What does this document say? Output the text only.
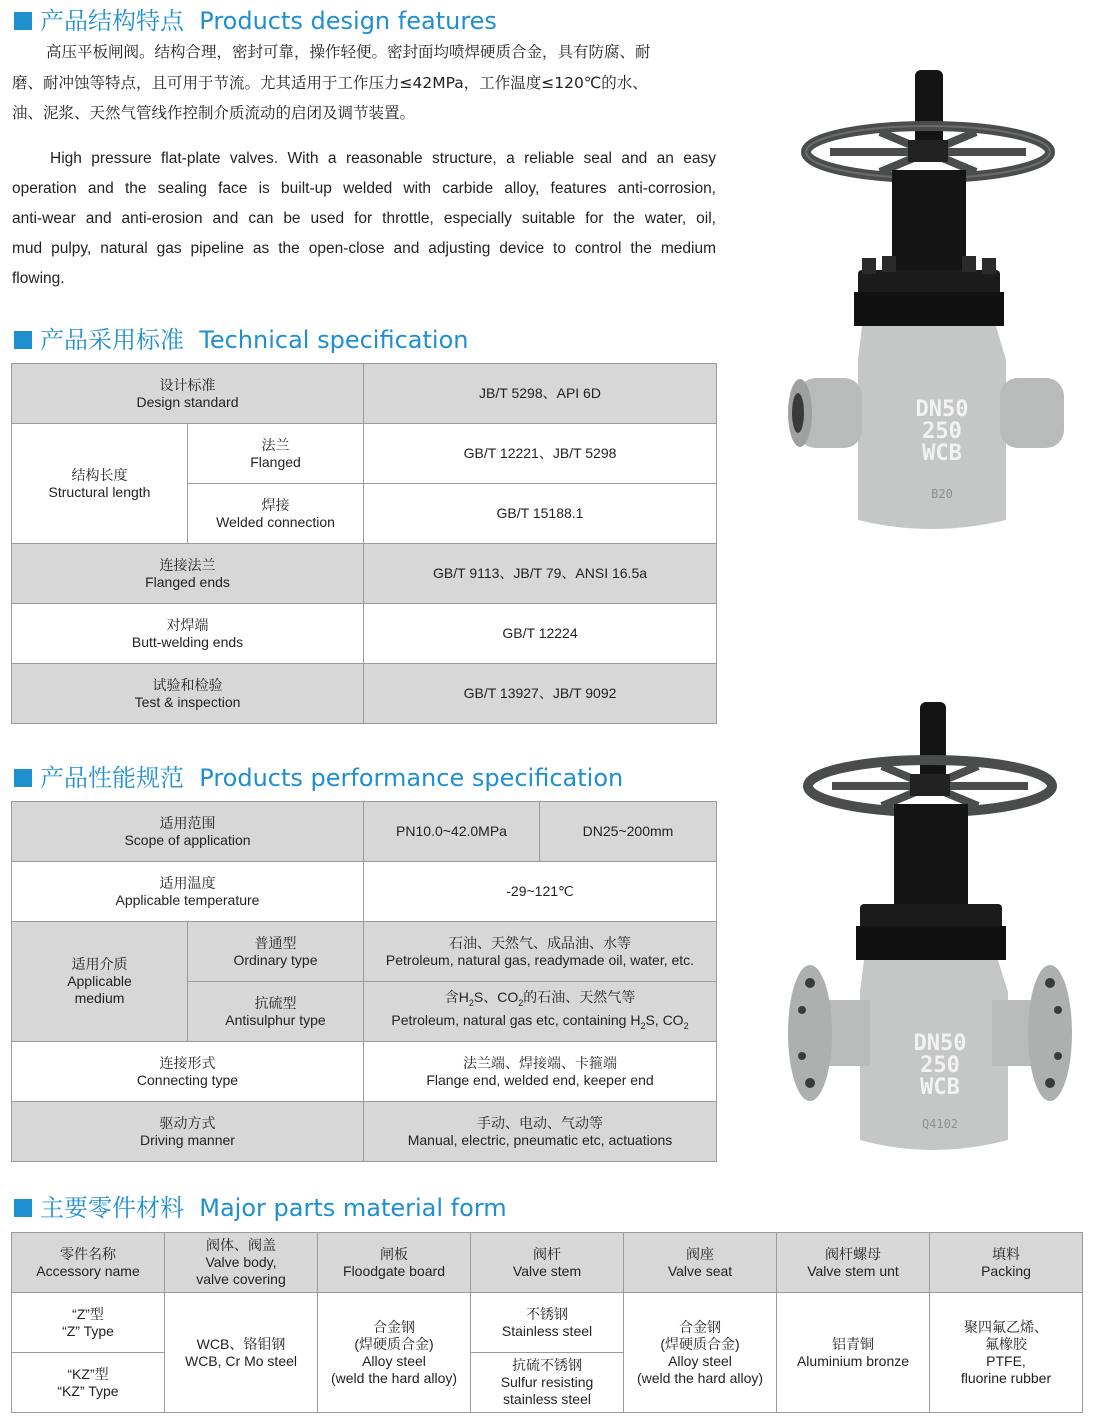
产品结构特点 Products design features
高压平板闸阀。结构合理，密封可靠，操作轻便。密封面均喷焊硬质合金，具有防腐、耐
磨、耐冲蚀等特点，且可用于节流。尤其适用于工作压力≤42MPa，工作温度≤120℃的水、
油、泥浆、天然气管线作控制介质流动的启闭及调节装置。
High pressure flat-plate valves. With a reasonable structure, a reliable seal and an easy
operation and the sealing face is built-up welded with carbide alloy, features anti-corrosion,
anti-wear and anti-erosion and can be used for throttle, especially suitable for the water, oil,
mud pulpy, natural gas pipeline as the open-close and adjusting device to control the medium
flowing.
产品采用标准 Technical specification
设计标准
Design standard		JB/T 5298、API 6D

结构长度
Structural length	法兰
Flanged	GB/T 12221、JB/T 5298

	焊接
Welded connection	GB/T 15188.1

连接法兰
Flanged ends		GB/T 9113、JB/T 79、ANSI 16.5a

对焊端
Butt-welding ends		GB/T 12224

试验和检验
Test & inspection		GB/T 13927、JB/T 9092
产品性能规范 Products performance specification
适用范围
Scope of application		PN10.0~42.0MPa	DN25~200mm

适用温度
Applicable temperature		-29~121℃	

适用介质
Applicable
medium	普通型
Ordinary type	石油、天然气、成品油、水等
Petroleum, natural gas, readymade oil, water, etc.	

	抗硫型
Antisulphur type	含$H_2S$、$CO_2$的石油、天然气等
Petroleum, natural gas etc, containing $H_2S$, $CO_2$

连接形式
Connecting type		法兰端、焊接端、卡箍端
Flange end, welded end, keeper end	

驱动方式
Driving manner		手动、电动、气动等
Manual, electric, pneumatic etc, actuations	
主要零件材料 Major parts material form
零件名称
Accessory name	阀体、阀盖
Valve body,
valve covering	闸板
Floodgate board	阀杆
Valve stem	阀座
Valve seat	阀杆螺母
Valve stem unt	填料
Packing

“Z”型
“Z” Type	WCB、铬钼钢
WCB, Cr Mo steel	合金钢
(焊硬质合金)
Alloy steel
(weld the hard alloy)	不锈钢
Stainless steel	合金钢
(焊硬质合金)
Alloy steel
(weld the hard alloy)	铝青铜
Aluminium bronze	聚四氟乙烯、
氟橡胶
PTFE,
fluorine rubber

“KZ”型
“KZ” Type			抗硫不锈钢
Sulfur resisting
stainless steel			
DN50
250
WCB
B20
DN50
250
WCB
Q4102
